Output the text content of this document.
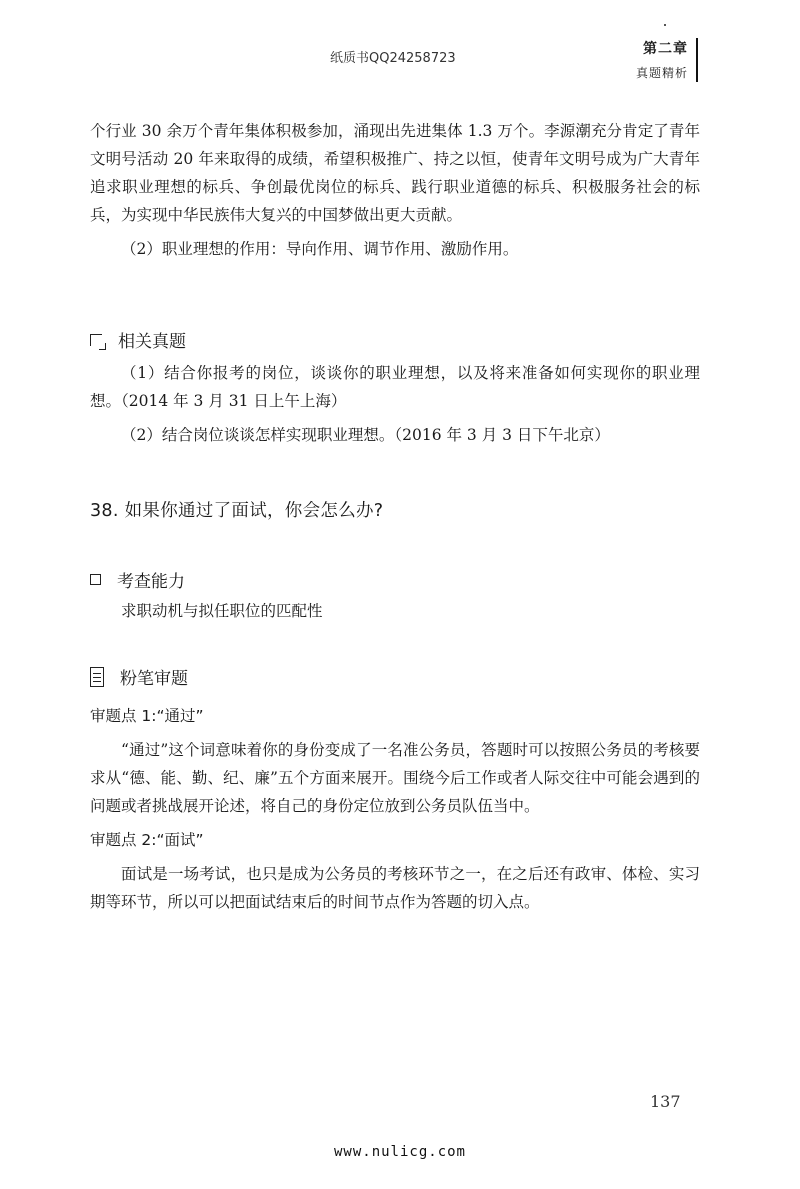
纸质书QQ24258723
第二章
真题精析

个行业 30 余万个青年集体积极参加，涌现出先进集体 1.3 万个。李源潮充分肯定了青年文明号活动 20 年来取得的成绩，希望积极推广、持之以恒，使青年文明号成为广大青年追求职业理想的标兵、争创最优岗位的标兵、践行职业道德的标兵、积极服务社会的标兵，为实现中华民族伟大复兴的中国梦做出更大贡献。

（2）职业理想的作用：导向作用、调节作用、激励作用。

相关真题

（1）结合你报考的岗位，谈谈你的职业理想，以及将来准备如何实现你的职业理想。（2014 年 3 月 31 日上午上海）

（2）结合岗位谈谈怎样实现职业理想。（2016 年 3 月 3 日下午北京）

38. 如果你通过了面试，你会怎么办?
考查能力

求职动机与拟任职位的匹配性

粉笔审题

审题点 1:“通过”

“通过”这个词意味着你的身份变成了一名准公务员，答题时可以按照公务员的考核要求从“德、能、勤、纪、廉”五个方面来展开。围绕今后工作或者人际交往中可能会遇到的问题或者挑战展开论述，将自己的身份定位放到公务员队伍当中。

审题点 2:“面试”

面试是一场考试，也只是成为公务员的考核环节之一，在之后还有政审、体检、实习期等环节，所以可以把面试结束后的时间节点作为答题的切入点。

137
www.nulicg.com
